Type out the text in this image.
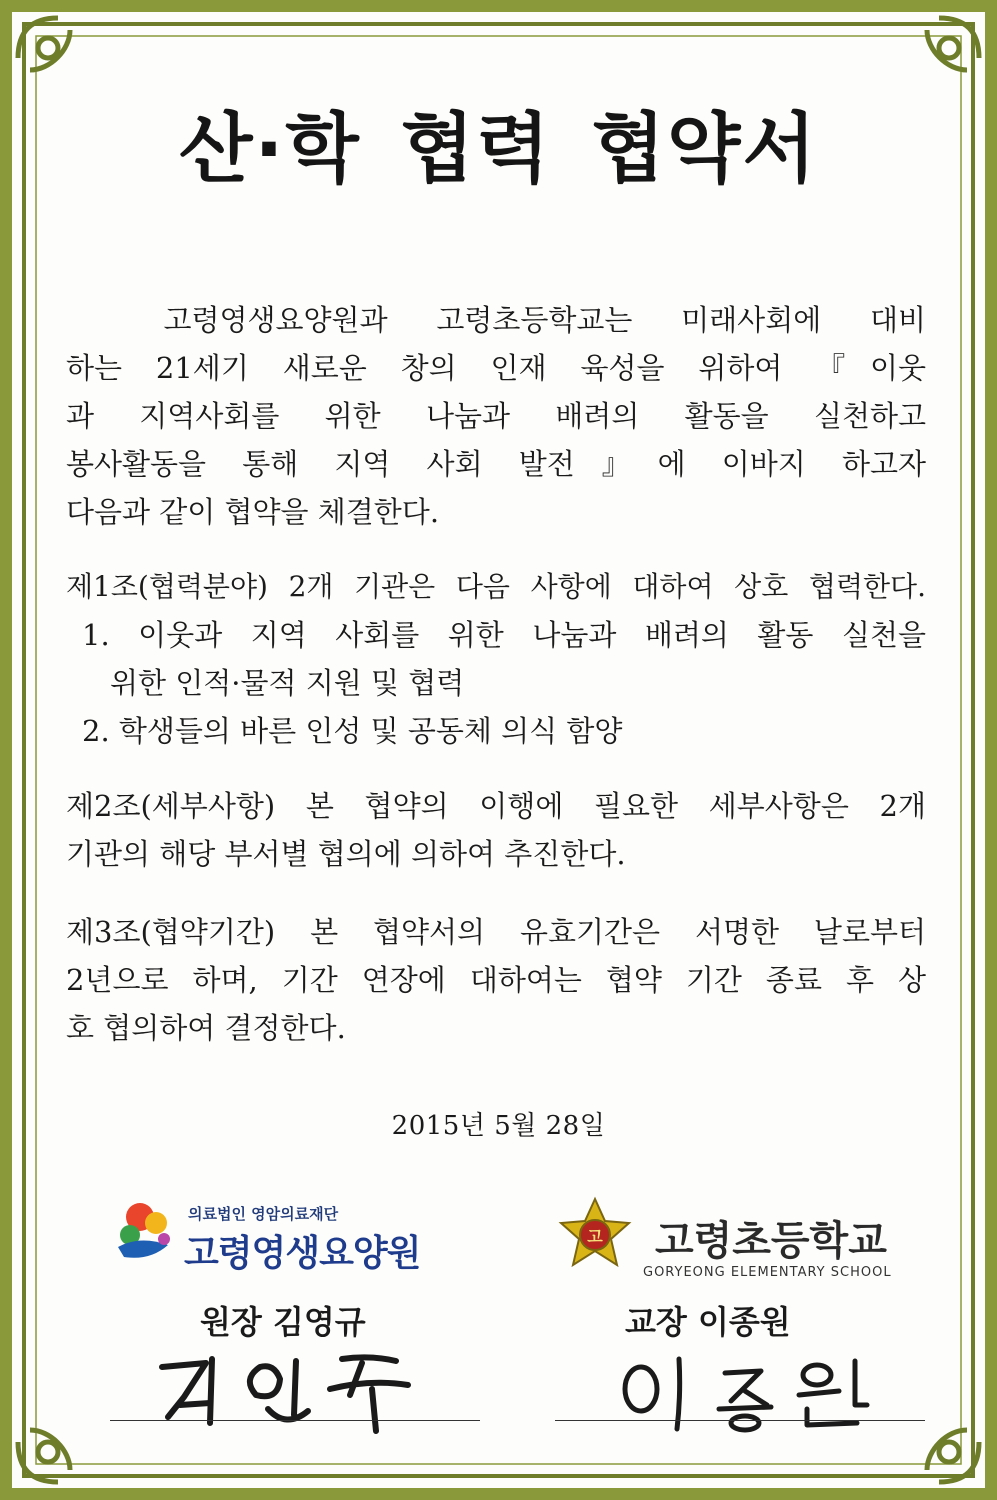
산·학 협력 협약서
고령영생요양원과 고령초등학교는 미래사회에 대비
하는 21세기 새로운 창의 인재 육성을 위하여 『이웃
과 지역사회를 위한 나눔과 배려의 활동을 실천하고
봉사활동을 통해 지역 사회 발전』에 이바지 하고자
다음과 같이 협약을 체결한다.
제1조(협력분야) 2개 기관은 다음 사항에 대하여 상호 협력한다.
1. 이웃과 지역 사회를 위한 나눔과 배려의 활동 실천을
위한 인적·물적 지원 및 협력
2. 학생들의 바른 인성 및 공동체 의식 함양
제2조(세부사항) 본 협약의 이행에 필요한 세부사항은 2개
기관의 해당 부서별 협의에 의하여 추진한다.
제3조(협약기간) 본 협약서의 유효기간은 서명한 날로부터
2년으로 하며, 기간 연장에 대하여는 협약 기간 종료 후 상
호 협의하여 결정한다.
2015년 5월 28일
의료법인 영암의료재단
고령영생요양원
원장 김영규
고 고령초등학교
GORYEONG ELEMENTARY SCHOOL
교장 이종원
